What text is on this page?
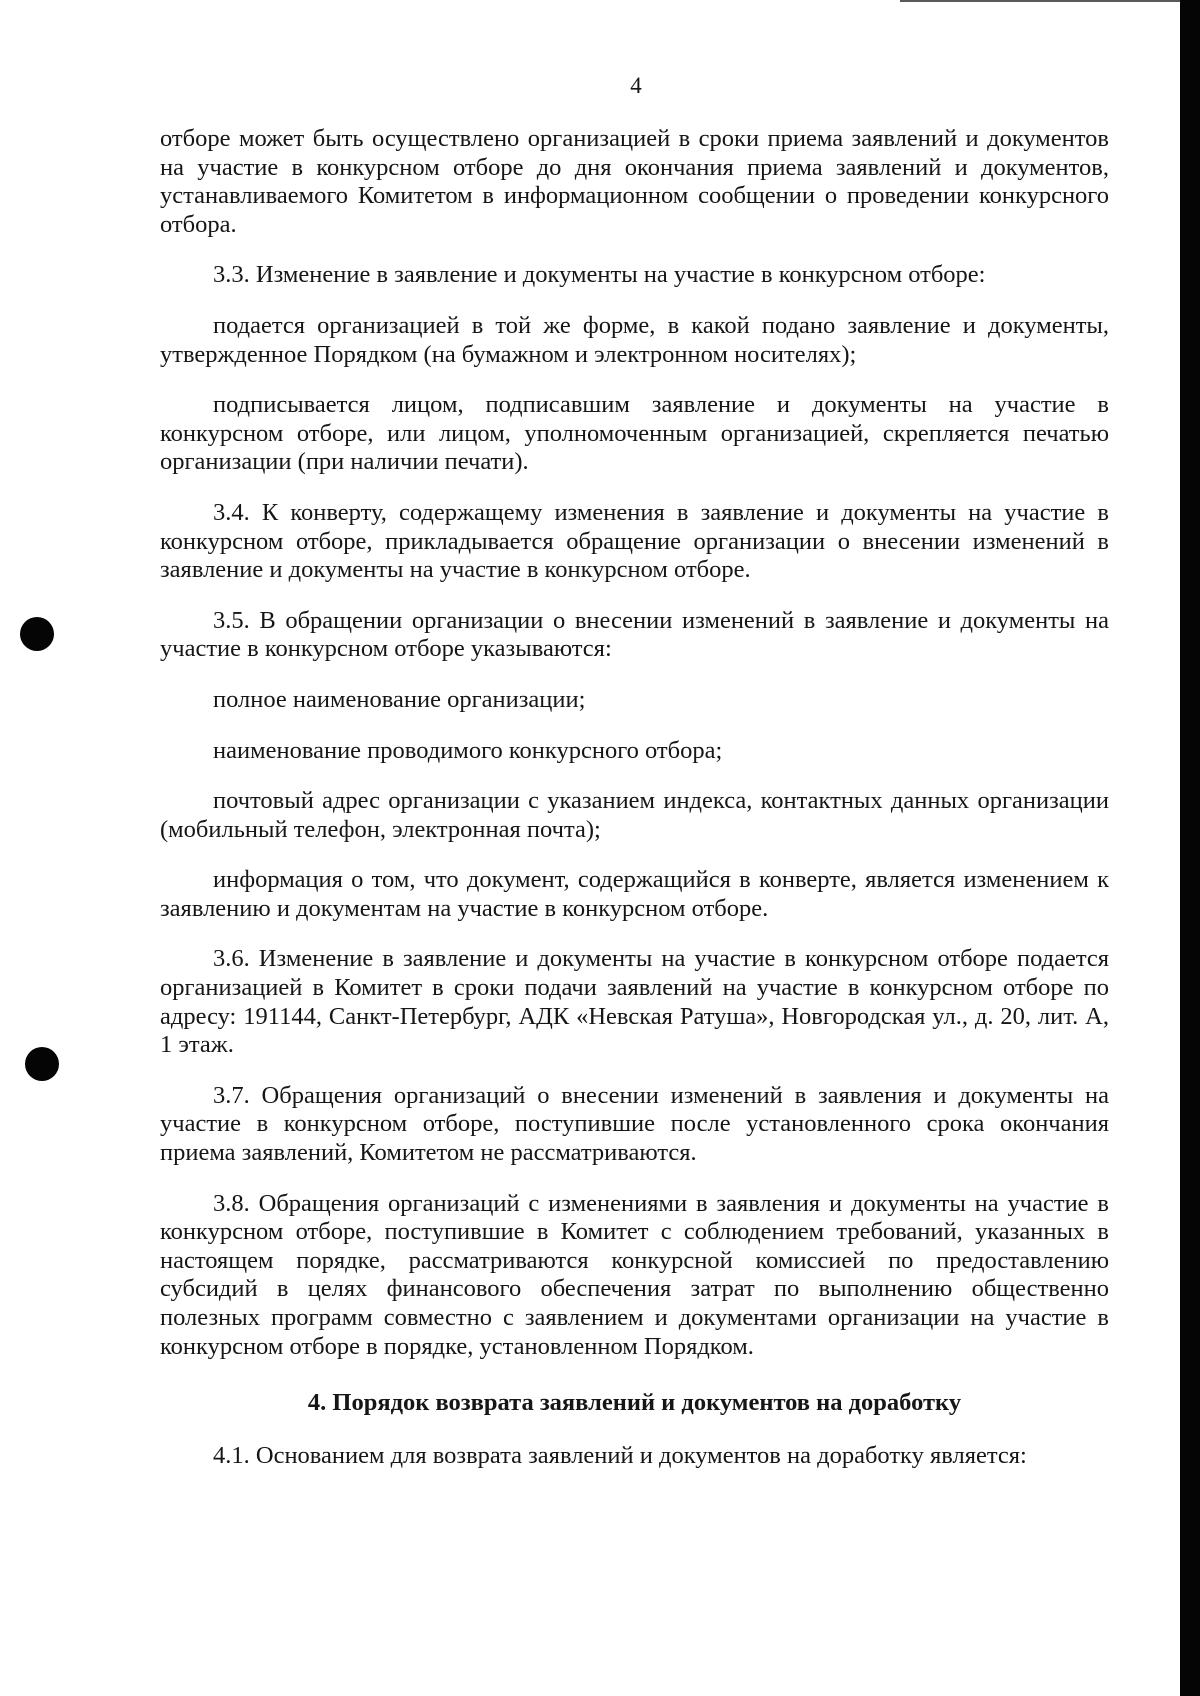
4

отборе может быть осуществлено организацией в сроки приема заявлений и документов на участие в конкурсном отборе до дня окончания приема заявлений и документов, устанавливаемого Комитетом в информационном сообщении о проведении конкурсного отбора.

3.3. Изменение в заявление и документы на участие в конкурсном отборе:

подается организацией в той же форме, в какой подано заявление и документы, утвержденное Порядком (на бумажном и электронном носителях);

подписывается лицом, подписавшим заявление и документы на участие в конкурсном отборе, или лицом, уполномоченным организацией, скрепляется печатью организации (при наличии печати).

3.4. К конверту, содержащему изменения в заявление и документы на участие в конкурсном отборе, прикладывается обращение организации о внесении изменений в заявление и документы на участие в конкурсном отборе.

3.5. В обращении организации о внесении изменений в заявление и документы на участие в конкурсном отборе указываются:

полное наименование организации;

наименование проводимого конкурсного отбора;

почтовый адрес организации с указанием индекса, контактных данных организации (мобильный телефон, электронная почта);

информация о том, что документ, содержащийся в конверте, является изменением к заявлению и документам на участие в конкурсном отборе.

3.6. Изменение в заявление и документы на участие в конкурсном отборе подается организацией в Комитет в сроки подачи заявлений на участие в конкурсном отборе по адресу: 191144, Санкт-Петербург, АДК «Невская Ратуша», Новгородская ул., д. 20, лит. А, 1 этаж.

3.7. Обращения организаций о внесении изменений в заявления и документы на участие в конкурсном отборе, поступившие после установленного срока окончания приема заявлений, Комитетом не рассматриваются.

3.8. Обращения организаций с изменениями в заявления и документы на участие в конкурсном отборе, поступившие в Комитет с соблюдением требований, указанных в настоящем порядке, рассматриваются конкурсной комиссией по предоставлению субсидий в целях финансового обеспечения затрат по выполнению общественно полезных программ совместно с заявлением и документами организации на участие в конкурсном отборе в порядке, установленном Порядком.

4. Порядок возврата заявлений и документов на доработку

4.1. Основанием для возврата заявлений и документов на доработку является:
